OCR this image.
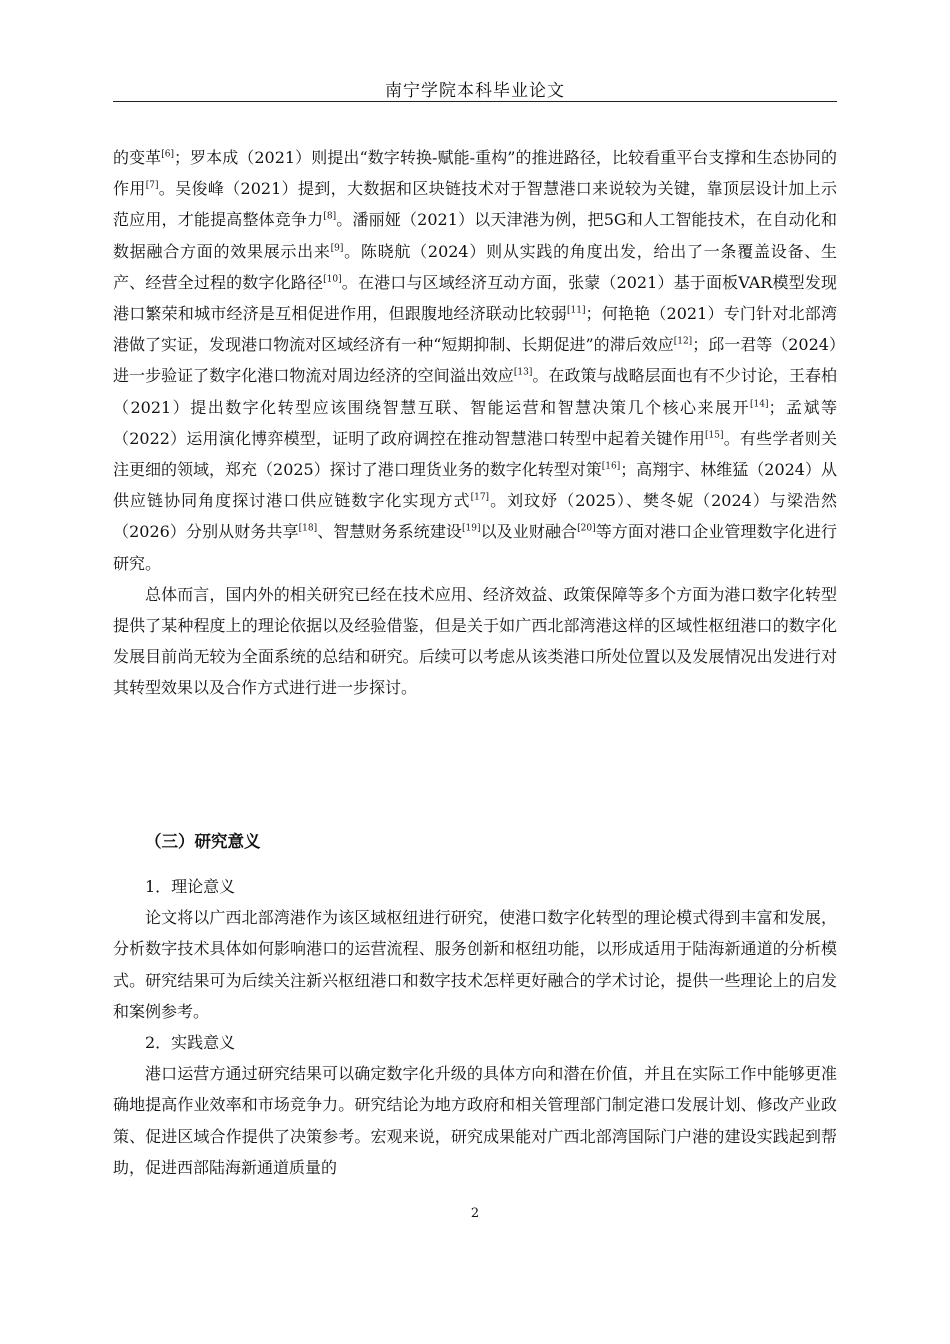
南宁学院本科毕业论文

的变革[6]；罗本成（2021）则提出“数字转换-赋能-重构”的推进路径，比较看重平台支撑和生态协同的作用[7]。吴俊峰（2021）提到，大数据和区块链技术对于智慧港口来说较为关键，靠顶层设计加上示范应用，才能提高整体竞争力[8]。潘丽娅（2021）以天津港为例，把5G和人工智能技术，在自动化和数据融合方面的效果展示出来[9]。陈晓航（2024）则从实践的角度出发，给出了一条覆盖设备、生产、经营全过程的数字化路径[10]。在港口与区域经济互动方面，张蒙（2021）基于面板VAR模型发现港口繁荣和城市经济是互相促进作用，但跟腹地经济联动比较弱[11]；何艳艳（2021）专门针对北部湾港做了实证，发现港口物流对区域经济有一种“短期抑制、长期促进”的滞后效应[12]；邱一君等（2024）进一步验证了数字化港口物流对周边经济的空间溢出效应[13]。在政策与战略层面也有不少讨论，王春柏（2021）提出数字化转型应该围绕智慧互联、智能运营和智慧决策几个核心来展开[14]；孟斌等（2022）运用演化博弈模型，证明了政府调控在推动智慧港口转型中起着关键作用[15]。有些学者则关注更细的领域，郑充（2025）探讨了港口理货业务的数字化转型对策[16]；高翔宇、林维猛（2024）从供应链协同角度探讨港口供应链数字化实现方式[17]。刘玟妤（2025）、樊冬妮（2024）与梁浩然（2026）分别从财务共享[18]、智慧财务系统建设[19]以及业财融合[20]等方面对港口企业管理数字化进行研究。

总体而言，国内外的相关研究已经在技术应用、经济效益、政策保障等多个方面为港口数字化转型提供了某种程度上的理论依据以及经验借鉴，但是关于如广西北部湾港这样的区域性枢纽港口的数字化发展目前尚无较为全面系统的总结和研究。后续可以考虑从该类港口所处位置以及发展情况出发进行对其转型效果以及合作方式进行进一步探讨。

（三）研究意义

1．理论意义

论文将以广西北部湾港作为该区域枢纽进行研究，使港口数字化转型的理论模式得到丰富和发展，分析数字技术具体如何影响港口的运营流程、服务创新和枢纽功能，以形成适用于陆海新通道的分析模式。研究结果可为后续关注新兴枢纽港口和数字技术怎样更好融合的学术讨论，提供一些理论上的启发和案例参考。

2．实践意义

港口运营方通过研究结果可以确定数字化升级的具体方向和潜在价值，并且在实际工作中能够更准确地提高作业效率和市场竞争力。研究结论为地方政府和相关管理部门制定港口发展计划、修改产业政策、促进区域合作提供了决策参考。宏观来说，研究成果能对广西北部湾国际门户港的建设实践起到帮助，促进西部陆海新通道质量的

2
